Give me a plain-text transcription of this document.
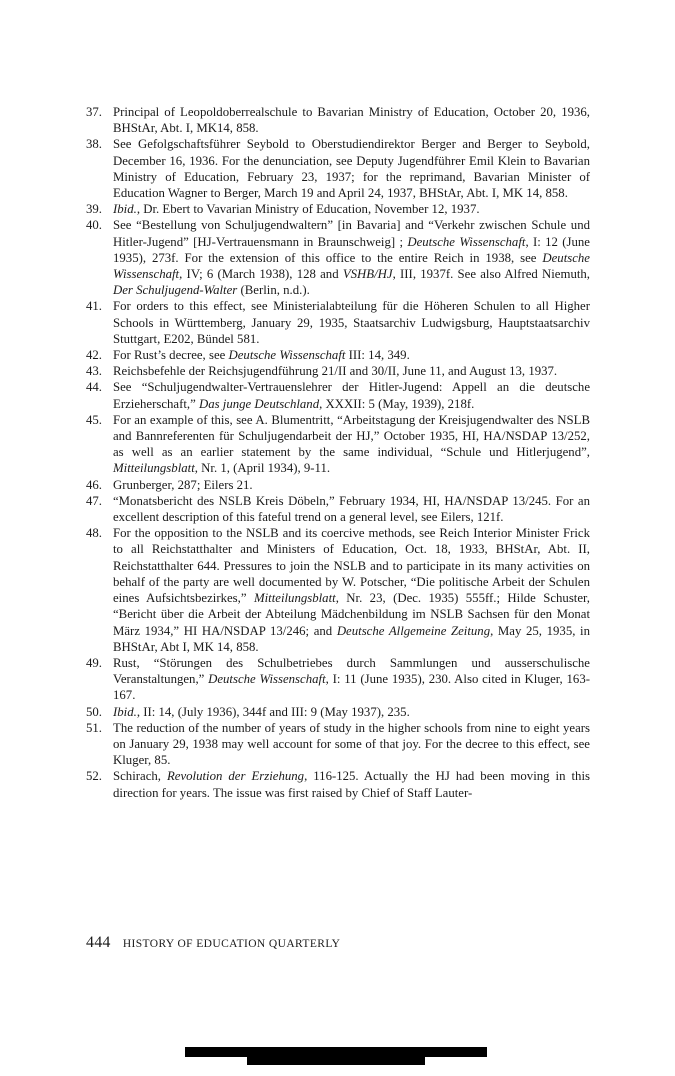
37. Principal of Leopoldoberrealschule to Bavarian Ministry of Education, October 20, 1936, BHStAr, Abt. I, MK14, 858.
38. See Gefolgschaftsführer Seybold to Oberstudiendirektor Berger and Berger to Seybold, December 16, 1936. For the denunciation, see Deputy Jugendführer Emil Klein to Bavarian Ministry of Education, February 23, 1937; for the reprimand, Bavarian Minister of Education Wagner to Berger, March 19 and April 24, 1937, BHStAr, Abt. I, MK 14, 858.
39. Ibid., Dr. Ebert to Vavarian Ministry of Education, November 12, 1937.
40. See “Bestellung von Schuljugendwaltern” [in Bavaria] and “Verkehr zwischen Schule und Hitler-Jugend” [HJ-Vertrauensmann in Braunschweig] ; Deutsche Wissenschaft, I: 12 (June 1935), 273f. For the extension of this office to the entire Reich in 1938, see Deutsche Wissenschaft, IV; 6 (March 1938), 128 and VSHB/HJ, III, 1937f. See also Alfred Niemuth, Der Schuljugend-Walter (Berlin, n.d.).
41. For orders to this effect, see Ministerialabteilung für die Höheren Schulen to all Higher Schools in Württemberg, January 29, 1935, Staatsarchiv Ludwigsburg, Hauptstaatsarchiv Stuttgart, E202, Bündel 581.
42. For Rust’s decree, see Deutsche Wissenschaft III: 14, 349.
43. Reichsbefehle der Reichsjugendführung 21/II and 30/II, June 11, and August 13, 1937.
44. See “Schuljugendwalter-Vertrauenslehrer der Hitler-Jugend: Appell an die deutsche Erzieherschaft,” Das junge Deutschland, XXXII: 5 (May, 1939), 218f.
45. For an example of this, see A. Blumentritt, “Arbeitstagung der Kreisjugendwalter des NSLB and Bannreferenten für Schuljugendarbeit der HJ,” October 1935, HI, HA/NSDAP 13/252, as well as an earlier statement by the same individual, “Schule und Hitlerjugend”, Mitteilungsblatt, Nr. 1, (April 1934), 9-11.
46. Grunberger, 287; Eilers 21.
47. “Monatsbericht des NSLB Kreis Döbeln,” February 1934, HI, HA/NSDAP 13/245. For an excellent description of this fateful trend on a general level, see Eilers, 121f.
48. For the opposition to the NSLB and its coercive methods, see Reich Interior Minister Frick to all Reichstatthalter and Ministers of Education, Oct. 18, 1933, BHStAr, Abt. II, Reichstatthalter 644. Pressures to join the NSLB and to participate in its many activities on behalf of the party are well documented by W. Potscher, “Die politische Arbeit der Schulen eines Aufsichtsbezirkes,” Mitteilungsblatt, Nr. 23, (Dec. 1935) 555ff.; Hilde Schuster, “Bericht über die Arbeit der Abteilung Mädchenbildung im NSLB Sachsen für den Monat März 1934,” HI HA/NSDAP 13/246; and Deutsche Allgemeine Zeitung, May 25, 1935, in BHStAr, Abt I, MK 14, 858.
49. Rust, “Störungen des Schulbetriebes durch Sammlungen und ausserschulische Veranstaltungen,” Deutsche Wissenschaft, I: 11 (June 1935), 230. Also cited in Kluger, 163-167.
50. Ibid., II: 14, (July 1936), 344f and III: 9 (May 1937), 235.
51. The reduction of the number of years of study in the higher schools from nine to eight years on January 29, 1938 may well account for some of that joy. For the decree to this effect, see Kluger, 85.
52. Schirach, Revolution der Erziehung, 116-125. Actually the HJ had been moving in this direction for years. The issue was first raised by Chief of Staff Lauter-
444 HISTORY OF EDUCATION QUARTERLY
